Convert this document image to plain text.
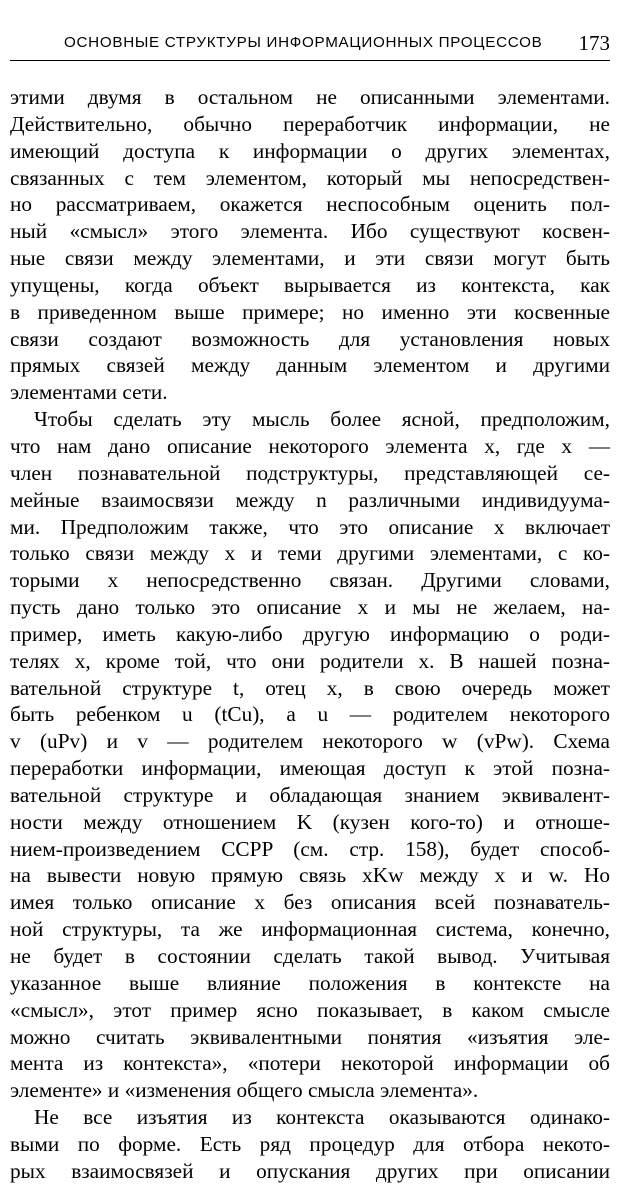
ОСНОВНЫЕ СТРУКТУРЫ ИНФОРМАЦИОННЫХ ПРОЦЕССОВ 173
этими двумя в остальном не описанными элементами.
Действительно, обычно переработчик информации, не
имеющий доступа к информации о других элементах,
связанных с тем элементом, который мы непосредствен-
но рассматриваем, окажется неспособным оценить пол-
ный «смысл» этого элемента. Ибо существуют косвен-
ные связи между элементами, и эти связи могут быть
упущены, когда объект вырывается из контекста, как
в приведенном выше примере; но именно эти косвенные
связи создают возможность для установления новых
прямых связей между данным элементом и другими
элементами сети.
Чтобы сделать эту мысль более ясной, предположим,
что нам дано описание некоторого элемента x, где x —
член познавательной подструктуры, представляющей се-
мейные взаимосвязи между n различными индивидуума-
ми. Предположим также, что это описание x включает
только связи между x и теми другими элементами, с ко-
торыми x непосредственно связан. Другими словами,
пусть дано только это описание x и мы не желаем, на-
пример, иметь какую-либо другую информацию о роди-
телях x, кроме той, что они родители x. В нашей позна-
вательной структуре t, отец x, в свою очередь может
быть ребенком u (tCu), а u — родителем некоторого
v (uPv) и v — родителем некоторого w (vPw). Схема
переработки информации, имеющая доступ к этой позна-
вательной структуре и обладающая знанием эквивалент-
ности между отношением K (кузен кого-то) и отноше-
нием-произведением CCPP (см. стр. 158), будет способ-
на вывести новую прямую связь xKw между x и w. Но
имея только описание x без описания всей познаватель-
ной структуры, та же информационная система, конечно,
не будет в состоянии сделать такой вывод. Учитывая
указанное выше влияние положения в контексте на
«смысл», этот пример ясно показывает, в каком смысле
можно считать эквивалентными понятия «изъятия эле-
мента из контекста», «потери некоторой информации об
элементе» и «изменения общего смысла элемента».
Не все изъятия из контекста оказываются одинако-
выми по форме. Есть ряд процедур для отбора некото-
рых взаимосвязей и опускания других при описании
